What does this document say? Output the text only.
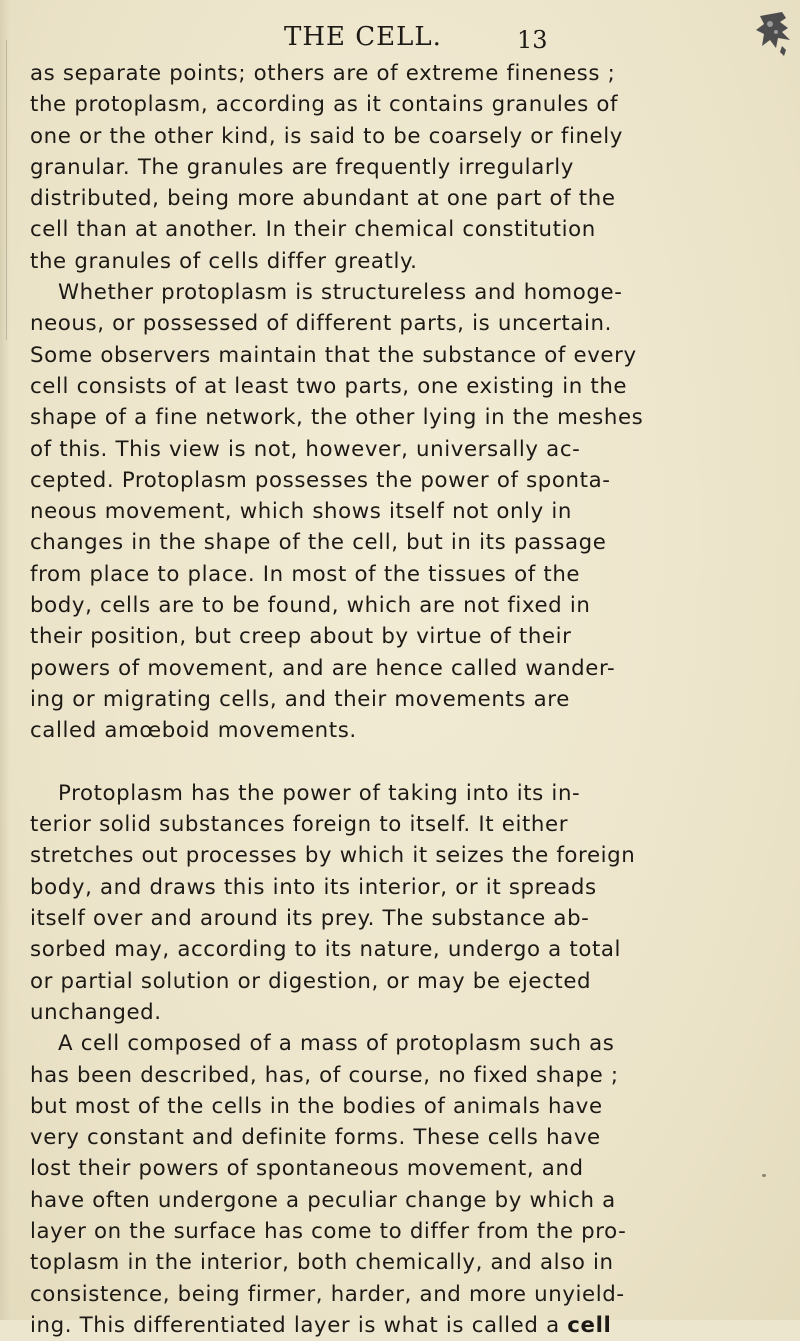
THE CELL.	13
as separate points; others are of extreme fineness ;
the protoplasm, according as it contains granules of
one or the other kind, is said to be coarsely or finely
granular. The granules are frequently irregularly
distributed, being more abundant at one part of the
cell than at another. In their chemical constitution
the granules of cells differ greatly.
Whether protoplasm is structureless and homoge-
neous, or possessed of different parts, is uncertain.
Some observers maintain that the substance of every
cell consists of at least two parts, one existing in the
shape of a fine network, the other lying in the meshes
of this. This view is not, however, universally ac-
cepted. Protoplasm possesses the power of sponta-
neous movement, which shows itself not only in
changes in the shape of the cell, but in its passage
from place to place. In most of the tissues of the
body, cells are to be found, which are not fixed in
their position, but creep about by virtue of their
powers of movement, and are hence called wander-
ing or migrating cells, and their movements are
called amœboid movements.
Protoplasm has the power of taking into its in-
terior solid substances foreign to itself. It either
stretches out processes by which it seizes the foreign
body, and draws this into its interior, or it spreads
itself over and around its prey. The substance ab-
sorbed may, according to its nature, undergo a total
or partial solution or digestion, or may be ejected
unchanged.
A cell composed of a mass of protoplasm such as
has been described, has, of course, no fixed shape ;
but most of the cells in the bodies of animals have
very constant and definite forms. These cells have
lost their powers of spontaneous movement, and
have often undergone a peculiar change by which a
layer on the surface has come to differ from the pro-
toplasm in the interior, both chemically, and also in
consistence, being firmer, harder, and more unyield-
ing. This differentiated layer is what is called a cell
